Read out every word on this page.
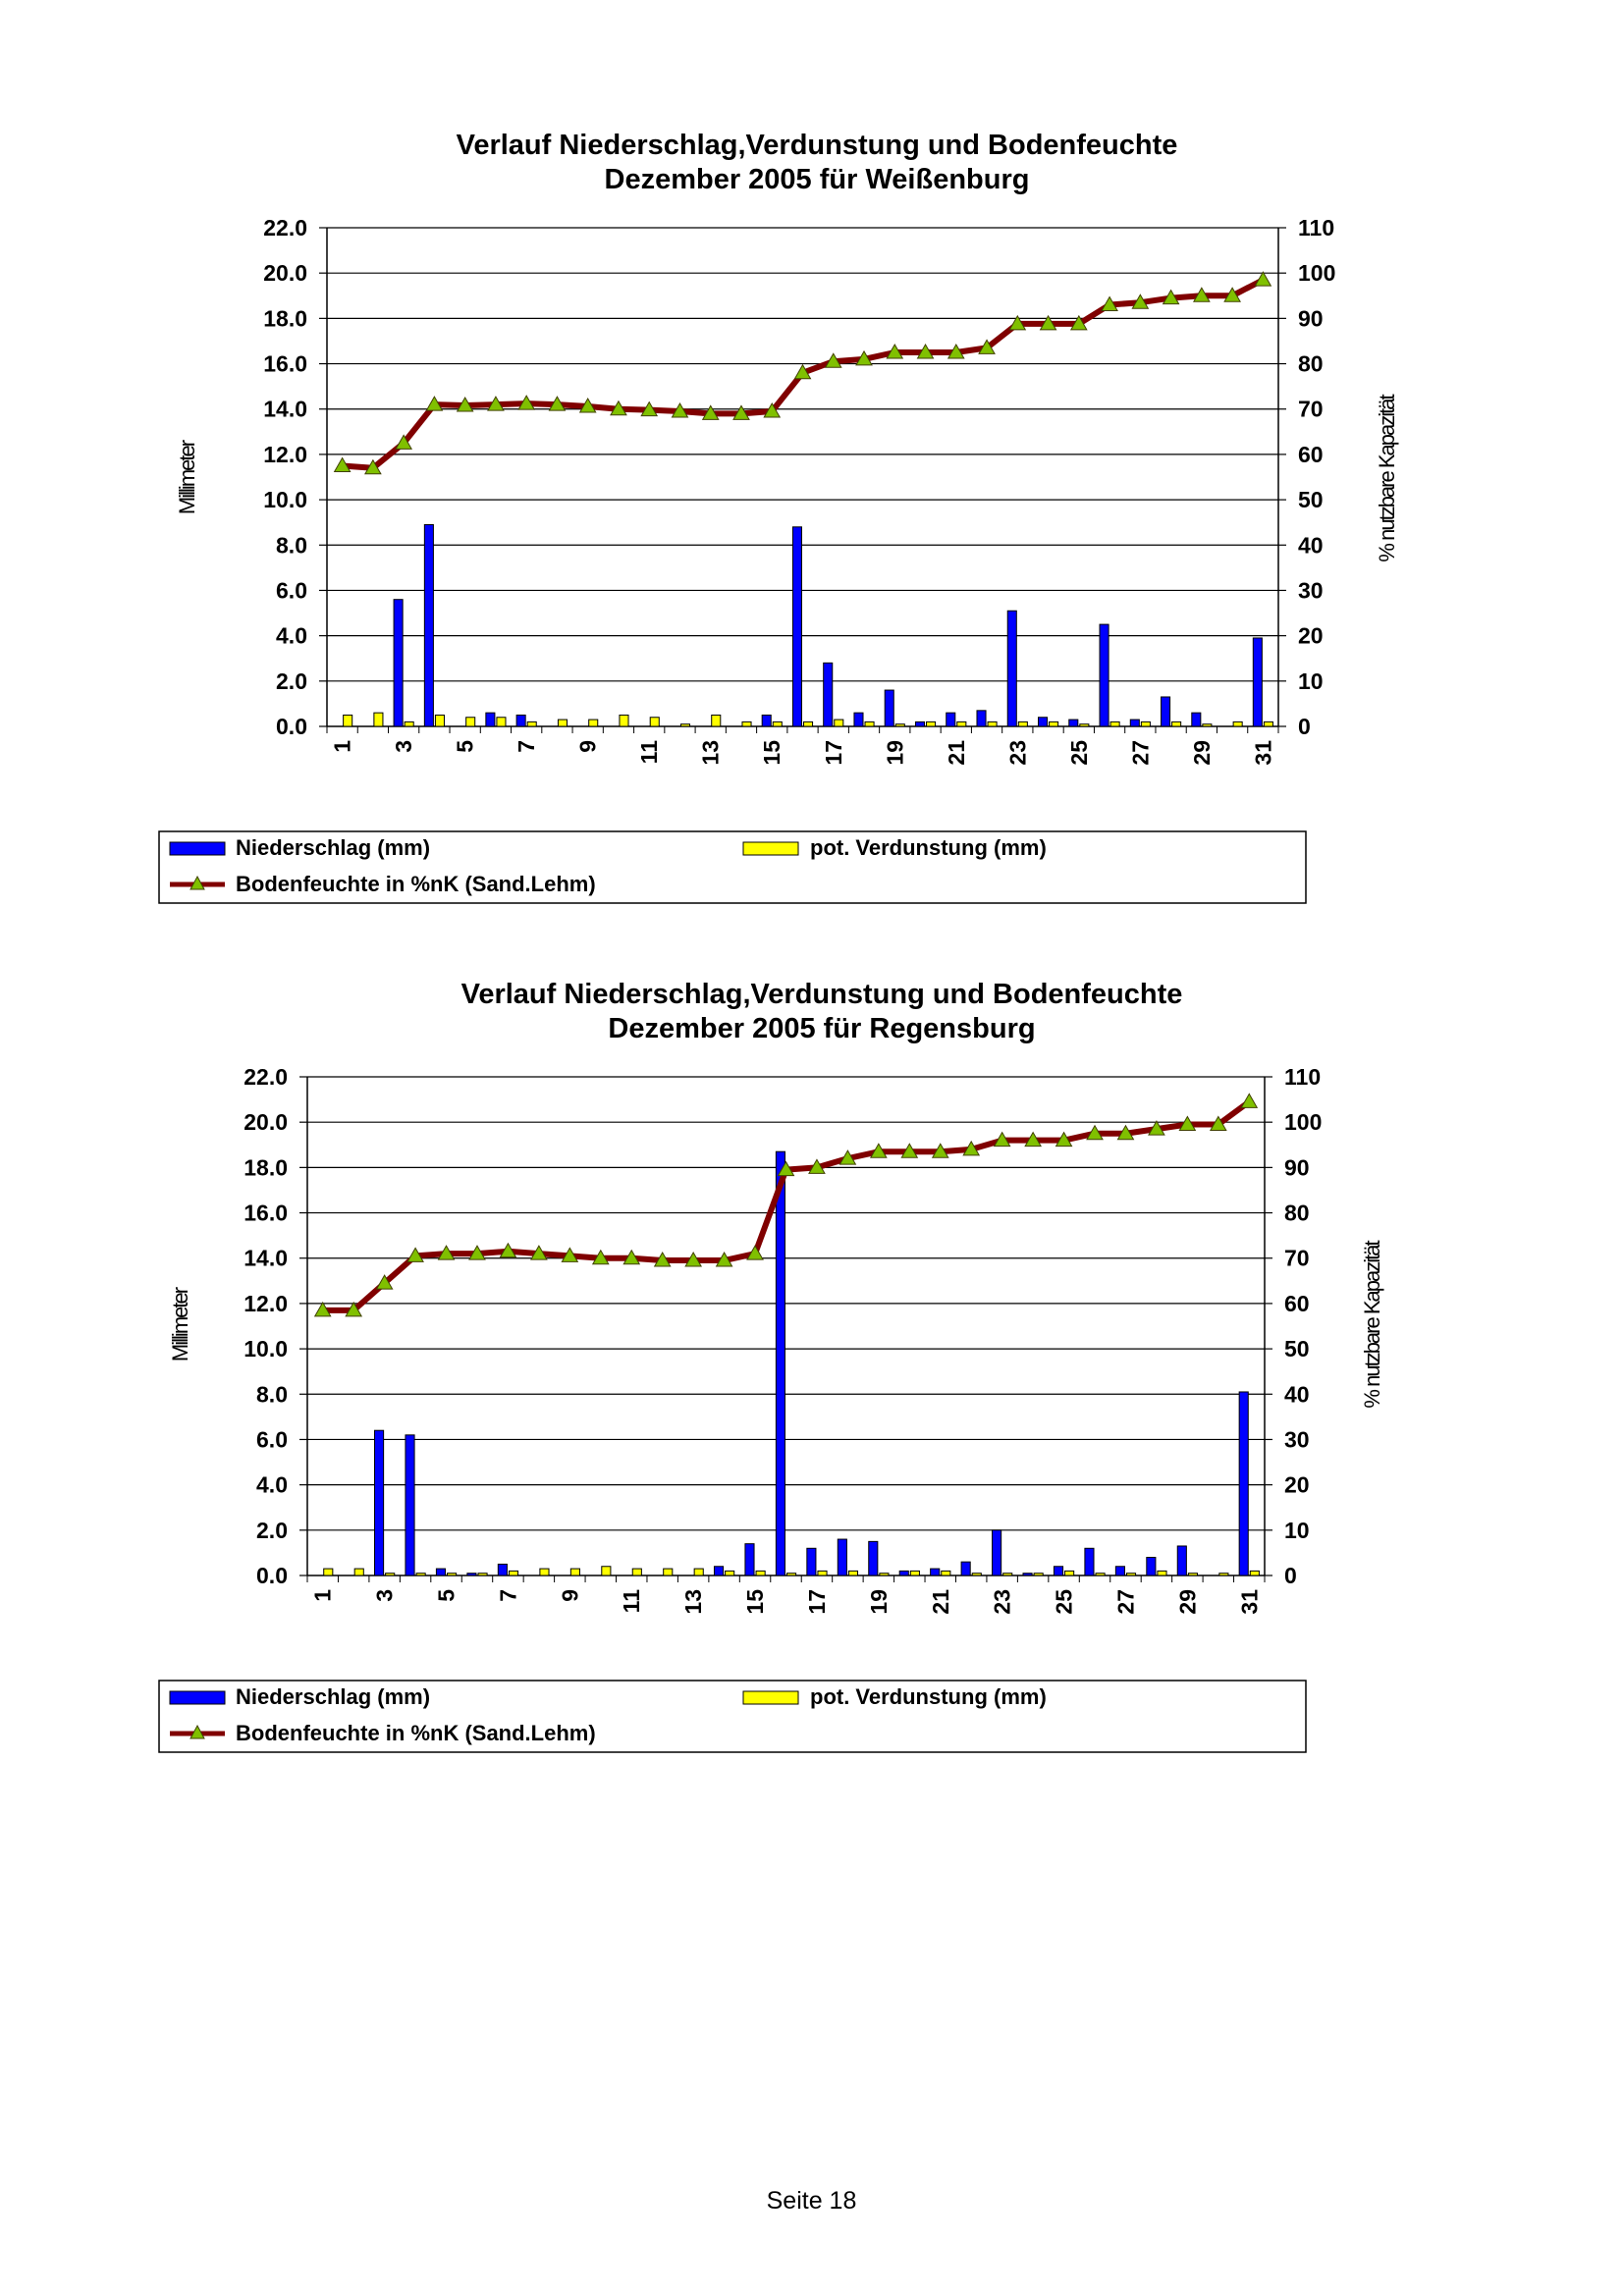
Verlauf Niederschlag,Verdunstung und Bodenfeuchte
Dezember 2005 für Weißenburg
Millimeter	% nutzbare Kapazität
0.0	0
2.0	10
4.0	20
6.0	30
8.0	40
10.0	50
12.0	60
14.0	70
16.0	80
18.0	90
20.0	100
22.0	110
1 3 5 7 9 11 13 15 17 19 21 23 25 27 29 31
Niederschlag (mm)	pot. Verdunstung (mm)
Bodenfeuchte in %nK (Sand.Lehm)
Verlauf Niederschlag,Verdunstung und Bodenfeuchte
Dezember 2005 für Regensburg
Millimeter	% nutzbare Kapazität
0.0	0
2.0	10
4.0	20
6.0	30
8.0	40
10.0	50
12.0	60
14.0	70
16.0	80
18.0	90
20.0	100
22.0	110
1 3 5 7 9 11 13 15 17 19 21 23 25 27 29 31
Niederschlag (mm)	pot. Verdunstung (mm)
Bodenfeuchte in %nK (Sand.Lehm)
Seite 18
